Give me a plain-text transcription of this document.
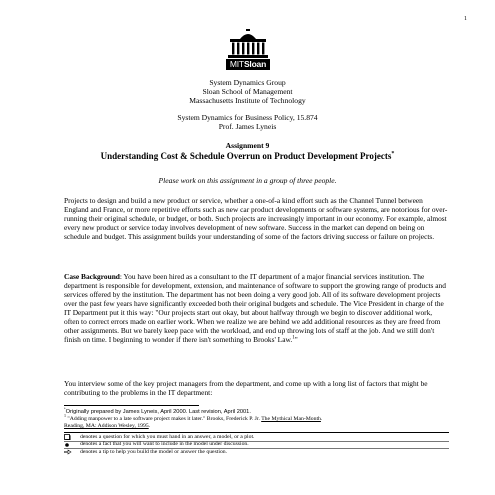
1
MITSloan
System Dynamics Group
Sloan School of Management
Massachusetts Institute of Technology
System Dynamics for Business Policy, 15.874
Prof. James Lyneis
Assignment 9
Understanding Cost & Schedule Overrun on Product Development Projects*
Please work on this assignment in a group of three people.

Projects to design and build a new product or service, whether a one-of-a kind effort such as the Channel Tunnel between England and France, or more repetitive efforts such as new car product developments or software systems, are notorious for over-running their original schedule, or budget, or both. Such projects are increasingly important in our economy. For example, almost every new product or service today involves development of new software. Success in the market can depend on being on schedule and budget. This assignment builds your understanding of some of the factors driving success or failure on projects.

Case Background: You have been hired as a consultant to the IT department of a major financial services institution. The department is responsible for development, extension, and maintenance of software to support the growing range of products and services offered by the institution. The department has not been doing a very good job. All of its software development projects over the past few years have significantly exceeded both their original budgets and schedule. The Vice President in charge of the IT Department put it this way: "Our projects start out okay, but about halfway through we begin to discover additional work, often to correct errors made on earlier work. When we realize we are behind we add additional resources as they are freed from other assignments. But we barely keep pace with the workload, and end up throwing lots of staff at the job. And we still don't finish on time. I beginning to wonder if there isn't something to Brooks' Law.$^1$"

You interview some of the key project managers from the department, and come up with a long list of factors that might be contributing to the problems in the IT department:

*Originally prepared by James Lyneis, April 2000. Last revision, April 2001.

$^1$ "Adding manpower to a late software project makes it later." Brooks, Frederick P. Jr. The Mythical Man-Month.
Reading, MA: Addison Wesley, 1995.

denotes a question for which you must hand in an answer, a model, or a plot.
denotes a fact that you will want to include in the model under discussion.
denotes a tip to help you build the model or answer the question.
